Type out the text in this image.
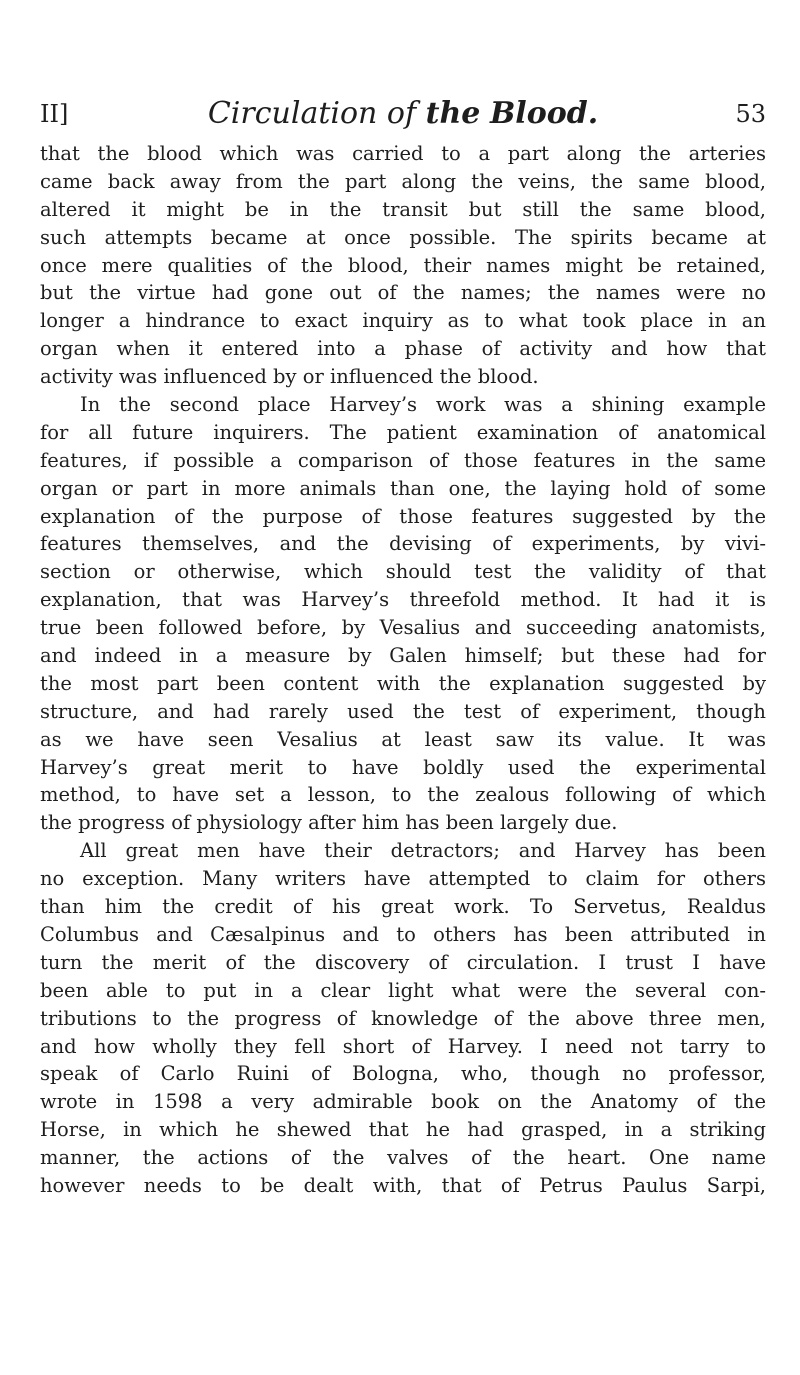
II]	Circulation of the Blood.	53
that the blood which was carried to a part along the arteries
came back away from the part along the veins, the same blood,
altered it might be in the transit but still the same blood,
such attempts became at once possible. The spirits became at
once mere qualities of the blood, their names might be retained,
but the virtue had gone out of the names; the names were no
longer a hindrance to exact inquiry as to what took place in an
organ when it entered into a phase of activity and how that
activity was influenced by or influenced the blood.
In the second place Harvey’s work was a shining example
for all future inquirers. The patient examination of anatomical
features, if possible a comparison of those features in the same
organ or part in more animals than one, the laying hold of some
explanation of the purpose of those features suggested by the
features themselves, and the devising of experiments, by vivi-
section or otherwise, which should test the validity of that
explanation, that was Harvey’s threefold method. It had it is
true been followed before, by Vesalius and succeeding anatomists,
and indeed in a measure by Galen himself; but these had for
the most part been content with the explanation suggested by
structure, and had rarely used the test of experiment, though
as we have seen Vesalius at least saw its value. It was
Harvey’s great merit to have boldly used the experimental
method, to have set a lesson, to the zealous following of which
the progress of physiology after him has been largely due.
All great men have their detractors; and Harvey has been
no exception. Many writers have attempted to claim for others
than him the credit of his great work. To Servetus, Realdus
Columbus and Cæsalpinus and to others has been attributed in
turn the merit of the discovery of circulation. I trust I have
been able to put in a clear light what were the several con-
tributions to the progress of knowledge of the above three men,
and how wholly they fell short of Harvey. I need not tarry to
speak of Carlo Ruini of Bologna, who, though no professor,
wrote in 1598 a very admirable book on the Anatomy of the
Horse, in which he shewed that he had grasped, in a striking
manner, the actions of the valves of the heart. One name
however needs to be dealt with, that of Petrus Paulus Sarpi,
